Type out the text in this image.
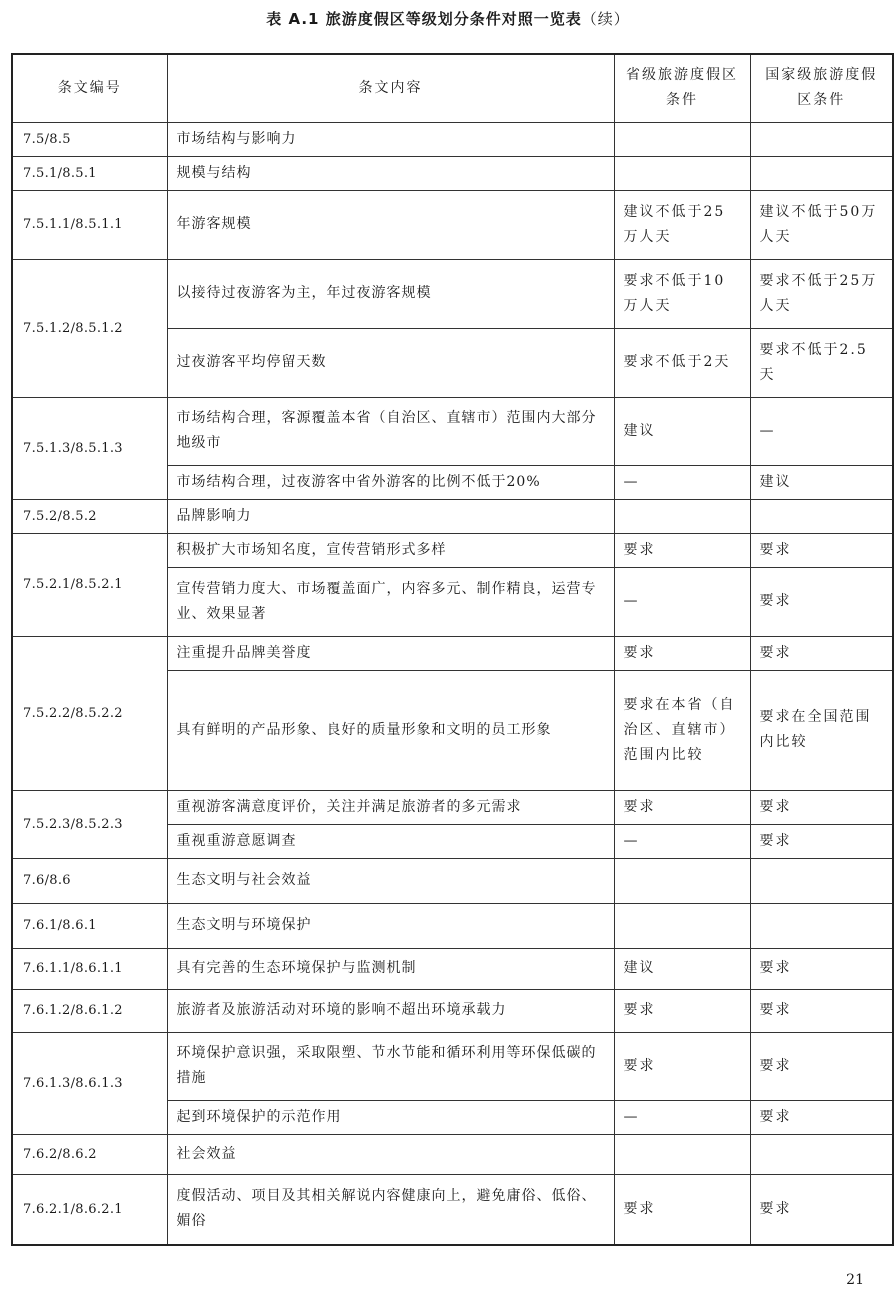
表 A.1 旅游度假区等级划分条件对照一览表（续）
条文编号	条文内容	省级旅游度假区条件	国家级旅游度假区条件
7.5/8.5	市场结构与影响力		
7.5.1/8.5.1	规模与结构		
7.5.1.1/8.5.1.1	年游客规模	建议不低于25万人天	建议不低于50万人天
7.5.1.2/8.5.1.2	以接待过夜游客为主，年过夜游客规模	要求不低于10万人天	要求不低于25万人天
	过夜游客平均停留天数	要求不低于2天	要求不低于2.5天
7.5.1.3/8.5.1.3	市场结构合理，客源覆盖本省（自治区、直辖市）范围内大部分地级市	建议	—
	市场结构合理，过夜游客中省外游客的比例不低于20%	—	建议
7.5.2/8.5.2	品牌影响力		
7.5.2.1/8.5.2.1	积极扩大市场知名度，宣传营销形式多样	要求	要求
	宣传营销力度大、市场覆盖面广，内容多元、制作精良，运营专业、效果显著	—	要求
7.5.2.2/8.5.2.2	注重提升品牌美誉度	要求	要求
	具有鲜明的产品形象、良好的质量形象和文明的员工形象	要求在本省（自治区、直辖市）范围内比较	要求在全国范围内比较
7.5.2.3/8.5.2.3	重视游客满意度评价，关注并满足旅游者的多元需求	要求	要求
	重视重游意愿调查	—	要求
7.6/8.6	生态文明与社会效益		
7.6.1/8.6.1	生态文明与环境保护		
7.6.1.1/8.6.1.1	具有完善的生态环境保护与监测机制	建议	要求
7.6.1.2/8.6.1.2	旅游者及旅游活动对环境的影响不超出环境承载力	要求	要求
7.6.1.3/8.6.1.3	环境保护意识强，采取限塑、节水节能和循环利用等环保低碳的措施	要求	要求
	起到环境保护的示范作用	—	要求
7.6.2/8.6.2	社会效益		
7.6.2.1/8.6.2.1	度假活动、项目及其相关解说内容健康向上，避免庸俗、低俗、媚俗	要求	要求
21
